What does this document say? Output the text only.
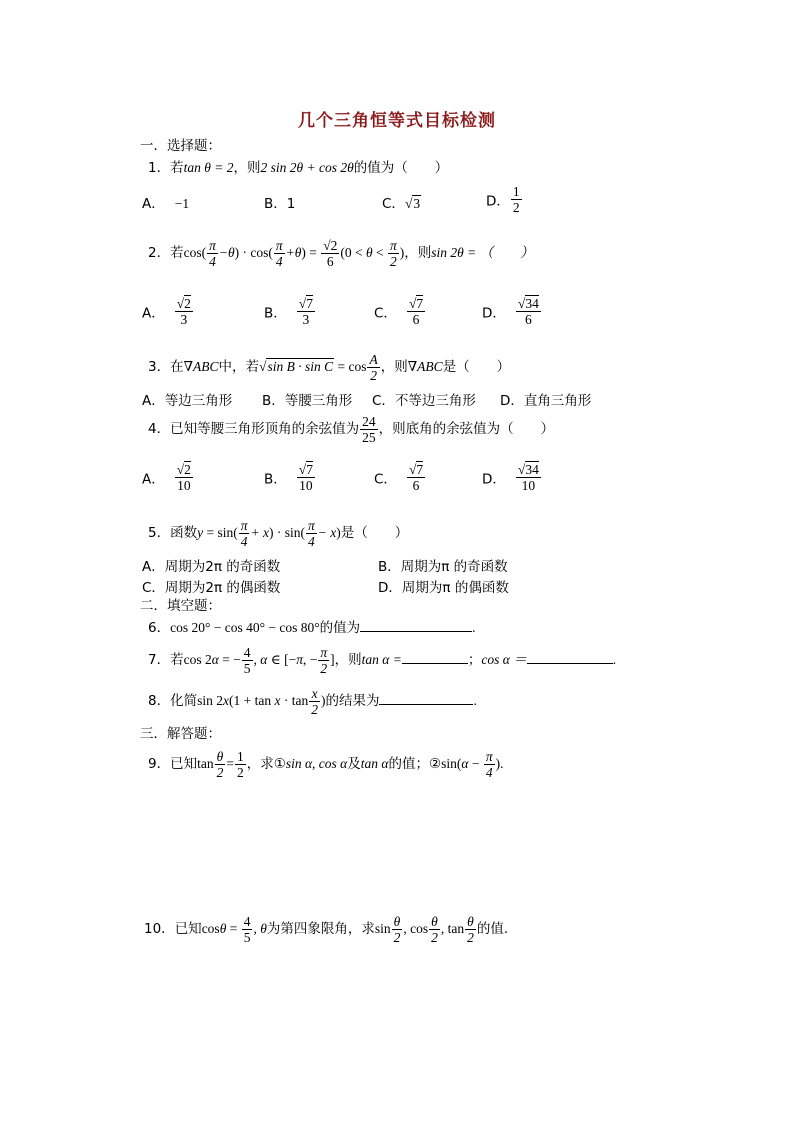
几个三角恒等式目标检测
一．选择题：
1．若tan θ = 2，则2 sin 2θ + cos 2θ的值为（　　）
A． −1	B．1	C．√3	D． $\frac{1}{2}$
2．若$\cos( \frac{\pi}{4} -\theta) \cdot \cos( \frac{\pi}{4} +\theta) = \frac{√2}{6} (0 < \theta < \frac{\pi}{2}$ )，则sin 2θ = （　　）
A． $\frac{√2}{3}$	B． $\frac{√7}{3}$	C． $\frac{√7}{6}$	D． $\frac{√34}{6}$
3．在∇ABC中，若√sin $B \cdot \sin C = \cos \frac{A}{2}$ ，则∇ABC是（　　）
A．等边三角形 B．等腰三角形 C．不等边三角形 D．直角三角形
4．已知等腰三角形顶角的余弦值为 $\frac{24}{25}$ ，则底角的余弦值为（　　）
A． $\frac{√2}{10}$	B． $\frac{√7}{10}$	C． $\frac{√7}{6}$	D． $\frac{√34}{10}$
5．函数$y = \sin( \frac{\pi}{4} + x) \cdot \sin( \frac{\pi}{4} - x)$是（　　）
A．周期为2π 的奇函数	B．周期为π 的奇函数
C．周期为2π 的偶函数	D．周期为π 的偶函数
二．填空题：
6．cos 20° − cos 40° − cos 80°的值为	.
7．若cos 2α = − $\frac{4}{5}$ , α ∈ [−π, − $\frac{\pi}{2}$ ]，则tan α =	；cos α ＝	.
8．化简$\sin 2x(1 + \tan x \cdot \tan \frac{x}{2}$ )的结果为	.
三．解答题：
9．已知$\tan \frac{\theta}{2} = \frac{1}{2}$ ，求①sin α, cos α及tan α的值；②sin(α − $\frac{\pi}{4}$ ).
10．已知$\cos\theta = \frac{4}{5}$ , θ为第四象限角，求$\sin \frac{\theta}{2}$ , $\cos \frac{\theta}{2}$ , $\tan \frac{\theta}{2}$ 的值.
